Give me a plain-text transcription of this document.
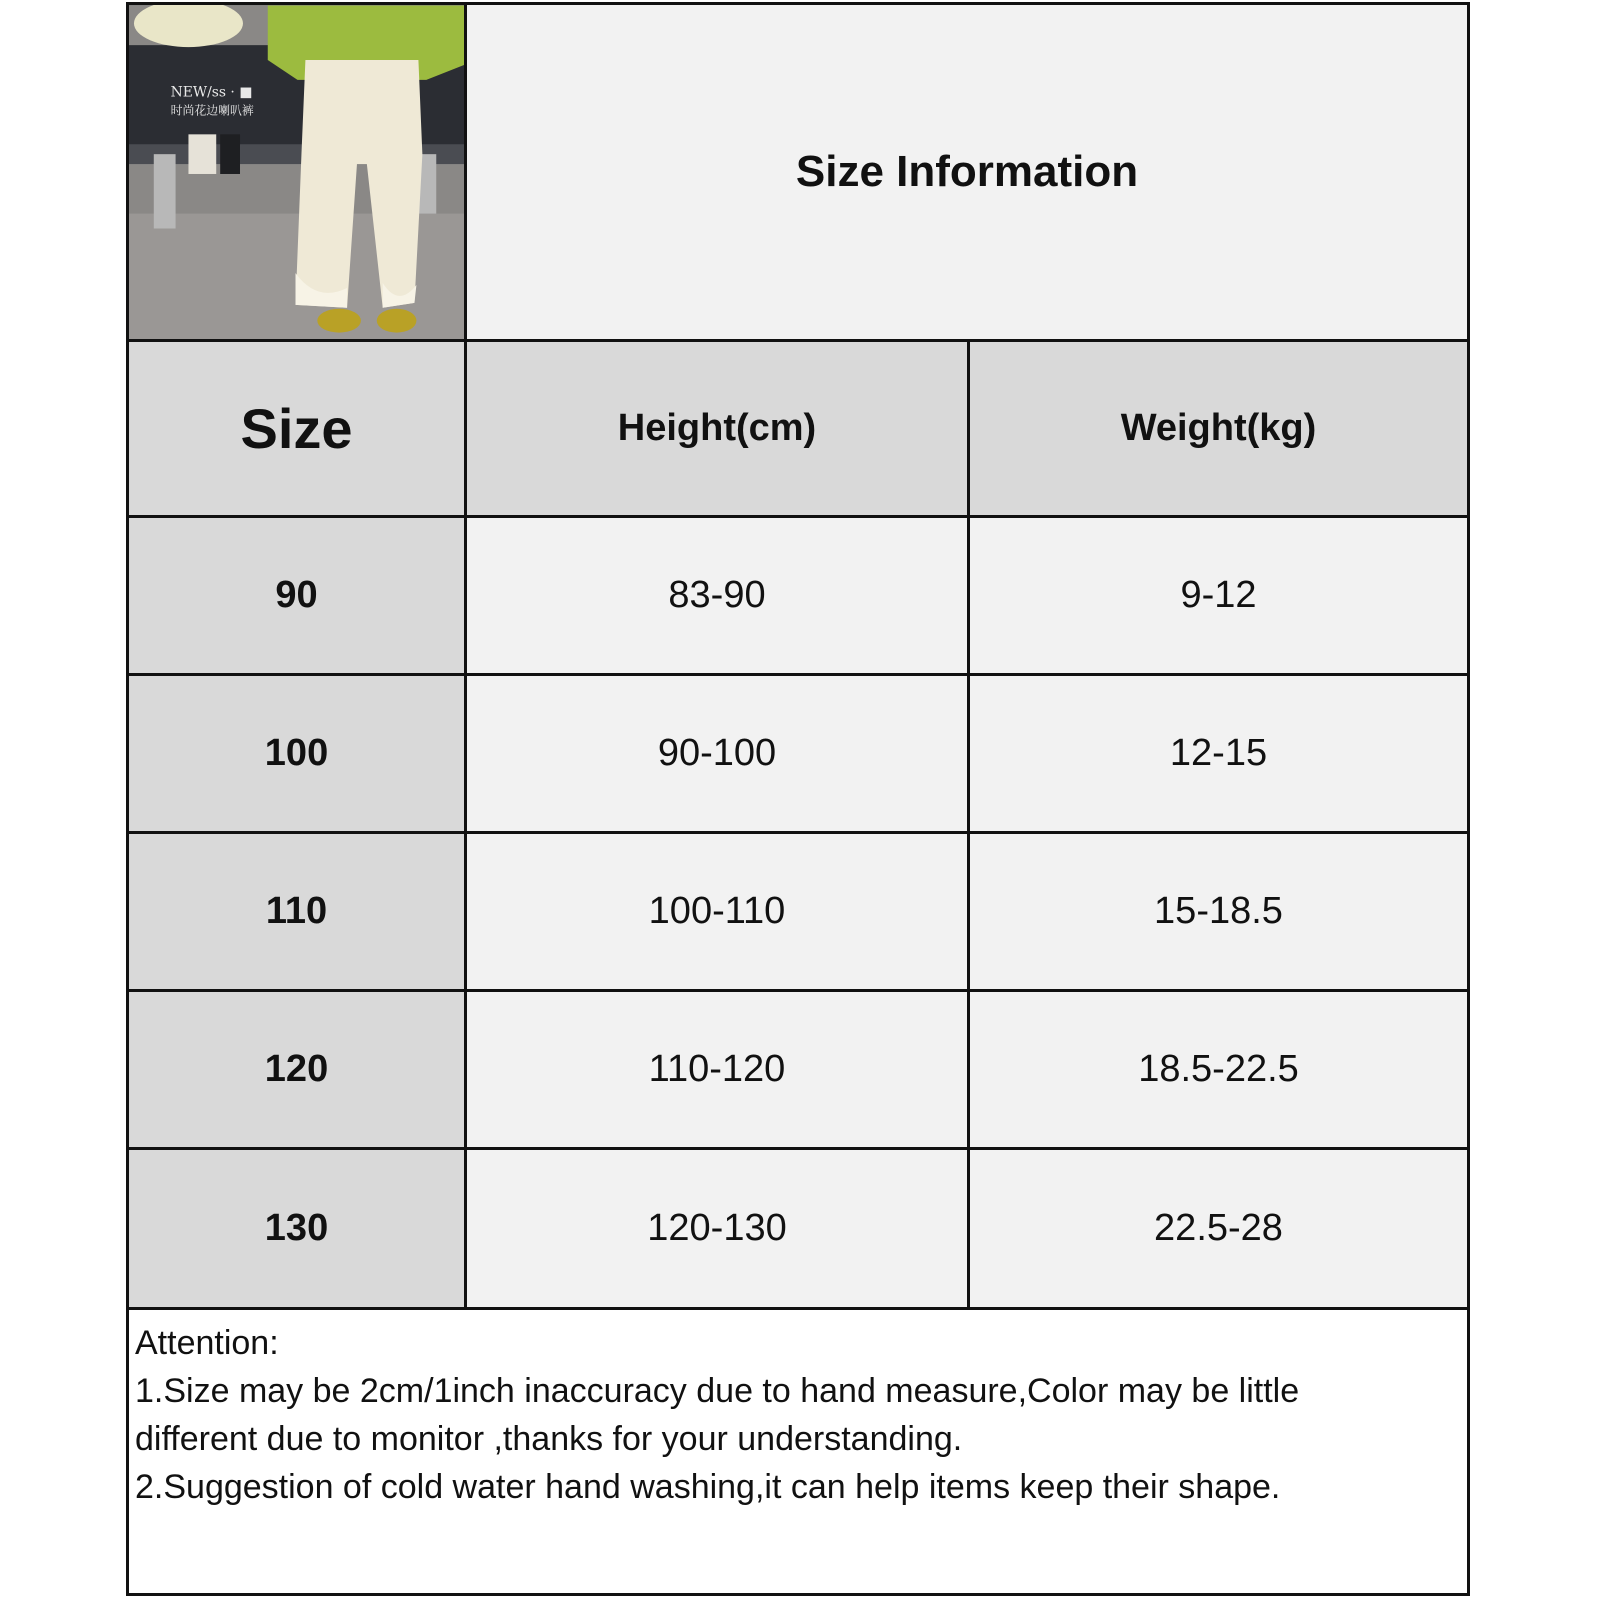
NEW/ss · ■
时尚花边喇叭裤
Size Information
Size	Height(cm)	Weight(kg)
90	83-90	9-12
100	90-100	12-15
110	100-110	15-18.5
120	110-120	18.5-22.5
130	120-130	22.5-28
Attention:
1.Size may be 2cm/1inch inaccuracy due to hand measure,Color may be little
different due to monitor ,thanks for your understanding.
2.Suggestion of cold water hand washing,it can help items keep their shape.
